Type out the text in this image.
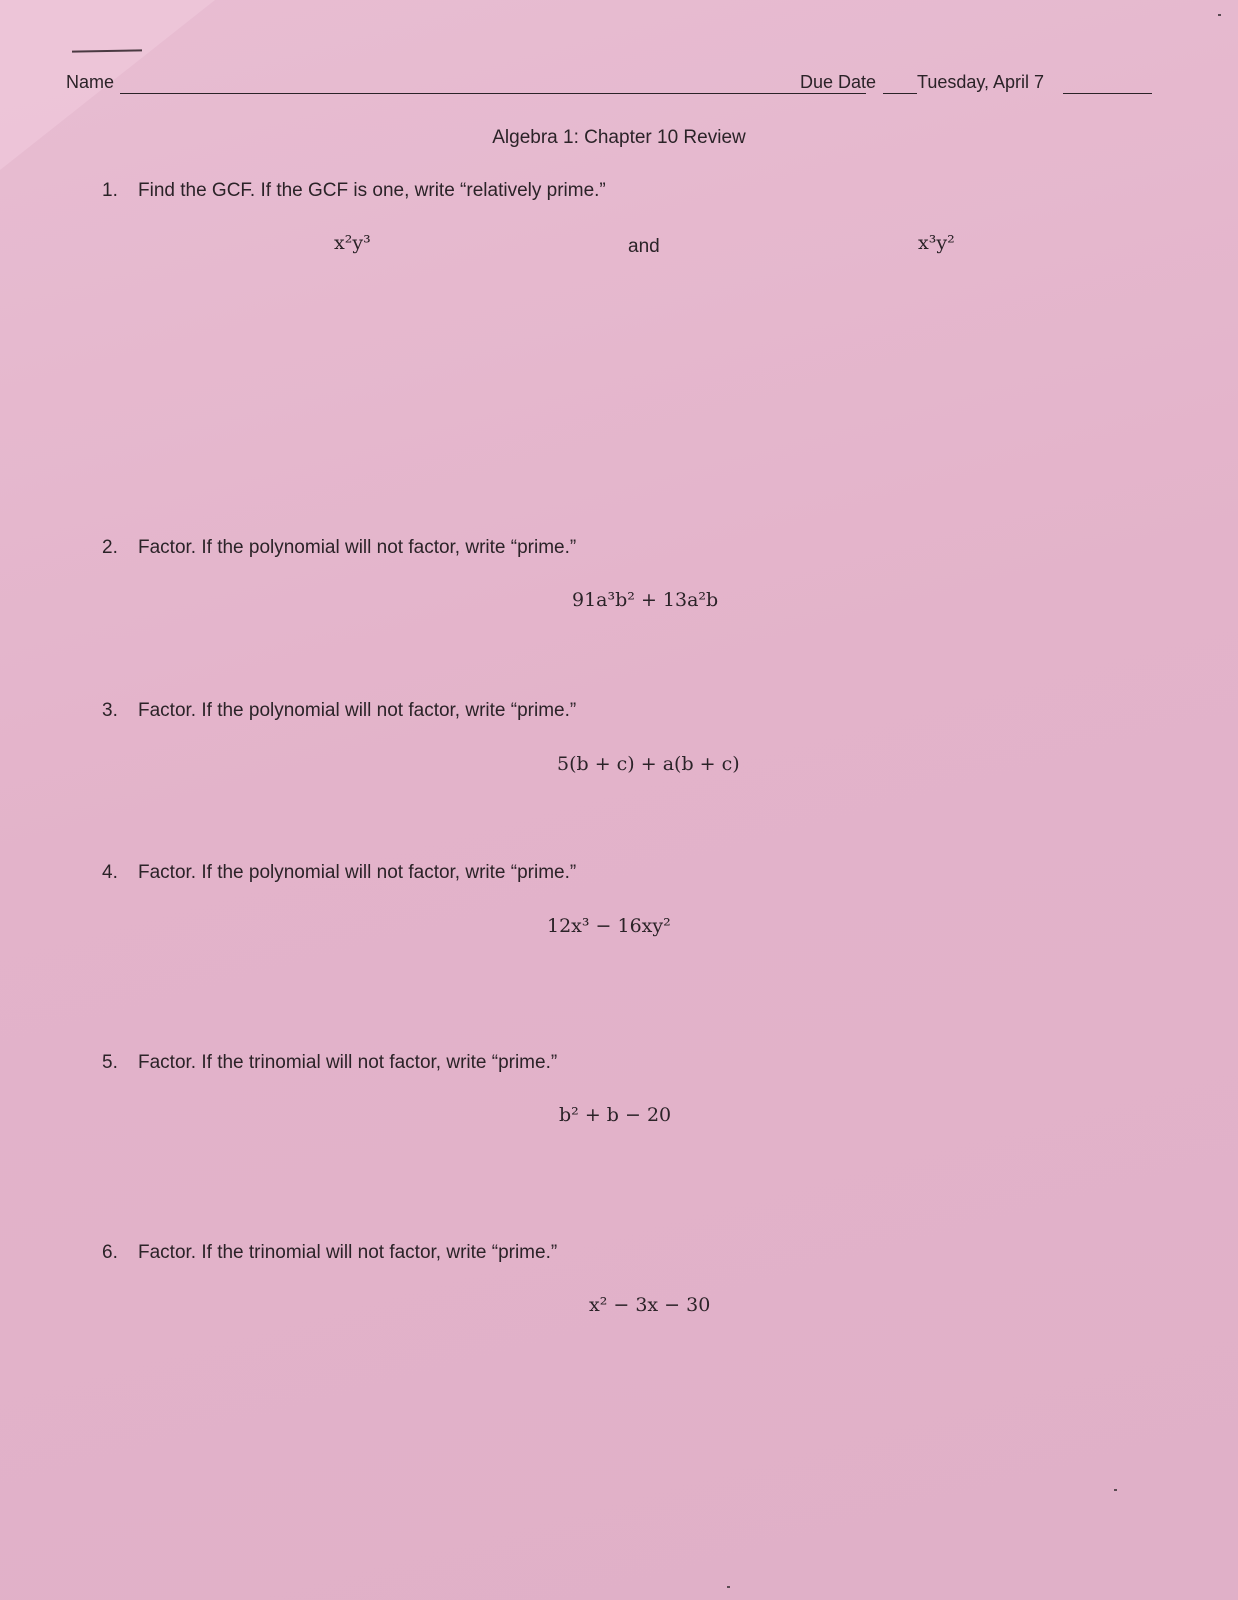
Name	Due Date Tuesday, April 7
Algebra 1: Chapter 10 Review
1. Find the GCF. If the GCF is one, write “relatively prime.”
x²y³	and	x³y²
2. Factor. If the polynomial will not factor, write “prime.”
91a³b² + 13a²b
3. Factor. If the polynomial will not factor, write “prime.”
5(b + c) + a(b + c)
4. Factor. If the polynomial will not factor, write “prime.”
12x³ − 16xy²
5. Factor. If the trinomial will not factor, write “prime.”
b² + b − 20
6. Factor. If the trinomial will not factor, write “prime.”
x² − 3x − 30
